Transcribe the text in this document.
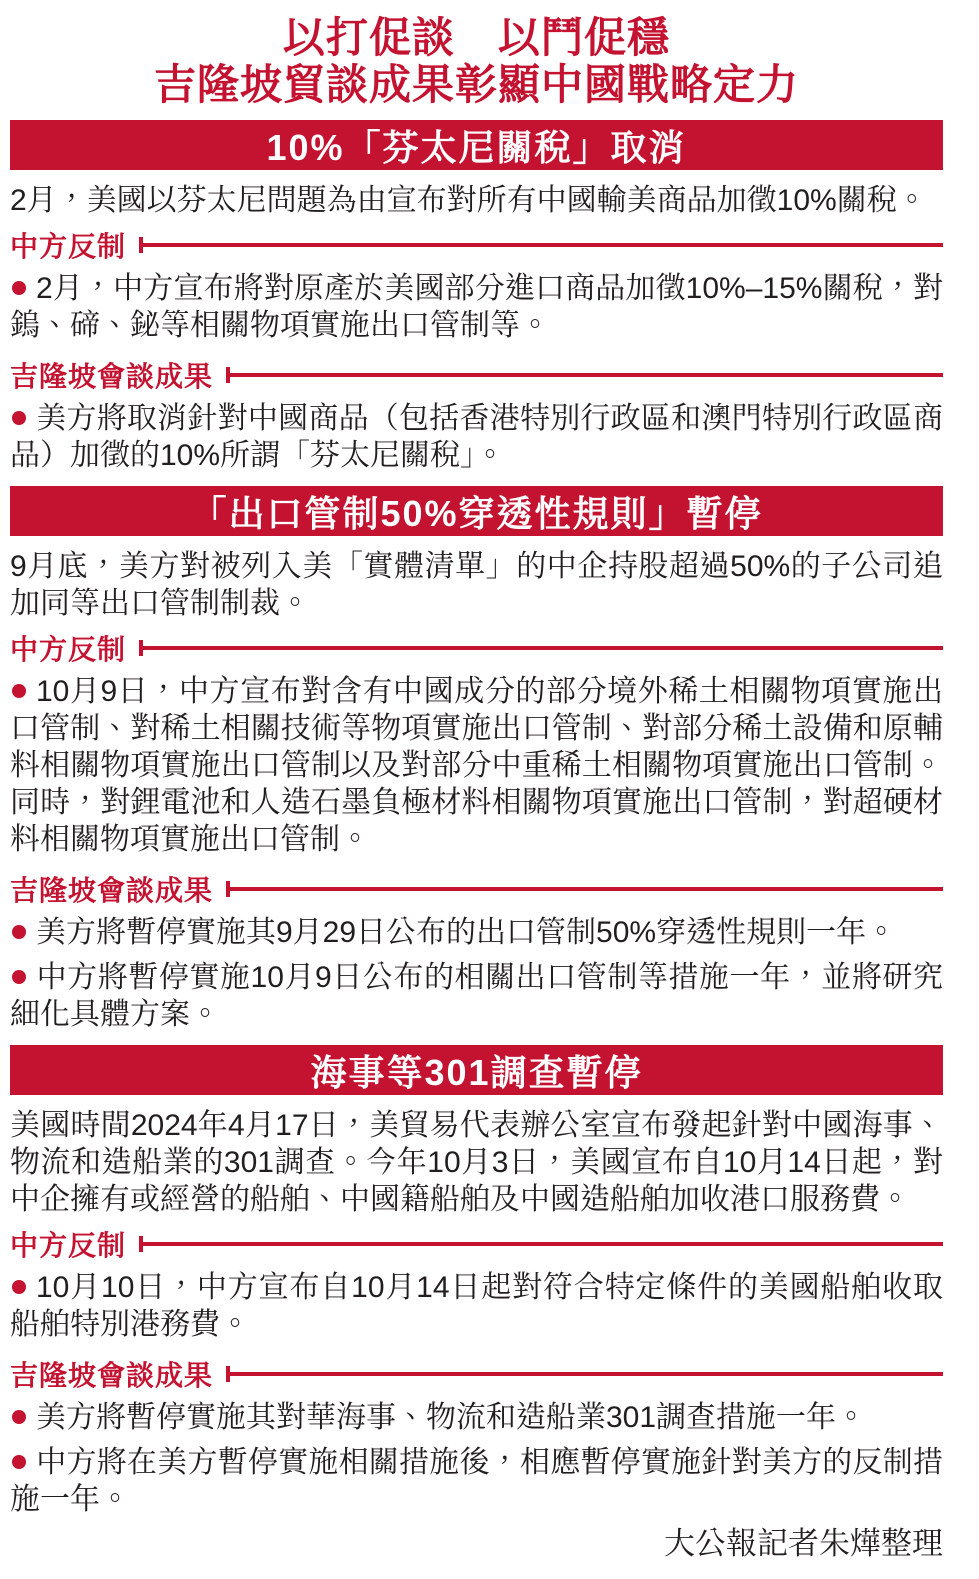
以打促談　以鬥促穩
吉隆坡貿談成果彰顯中國戰略定力
10%「芬太尼關稅」取消

2月，美國以芬太尼問題為由宣布對所有中國輸美商品加徵10%關稅。

中方反制

2月，中方宣布將對原產於美國部分進口商品加徵10%–15%關稅，對鎢、碲、鉍等相關物項實施出口管制等。

吉隆坡會談成果

美方將取消針對中國商品（包括香港特別行政區和澳門特別行政區商品）加徵的10%所謂「芬太尼關稅」。

「出口管制50%穿透性規則」暫停

9月底，美方對被列入美「實體清單」的中企持股超過50%的子公司追加同等出口管制制裁。

中方反制

10月9日，中方宣布對含有中國成分的部分境外稀土相關物項實施出口管制、對稀土相關技術等物項實施出口管制、對部分稀土設備和原輔料相關物項實施出口管制以及對部分中重稀土相關物項實施出口管制。同時，對鋰電池和人造石墨負極材料相關物項實施出口管制，對超硬材料相關物項實施出口管制。

吉隆坡會談成果

美方將暫停實施其9月29日公布的出口管制50%穿透性規則一年。

中方將暫停實施10月9日公布的相關出口管制等措施一年，並將研究細化具體方案。

海事等301調查暫停

美國時間2024年4月17日，美貿易代表辦公室宣布發起針對中國海事、物流和造船業的301調查。今年10月3日，美國宣布自10月14日起，對中企擁有或經營的船舶、中國籍船舶及中國造船舶加收港口服務費。

中方反制

10月10日，中方宣布自10月14日起對符合特定條件的美國船舶收取船舶特別港務費。

吉隆坡會談成果

美方將暫停實施其對華海事、物流和造船業301調查措施一年。

中方將在美方暫停實施相關措施後，相應暫停實施針對美方的反制措施一年。

大公報記者朱燁整理
